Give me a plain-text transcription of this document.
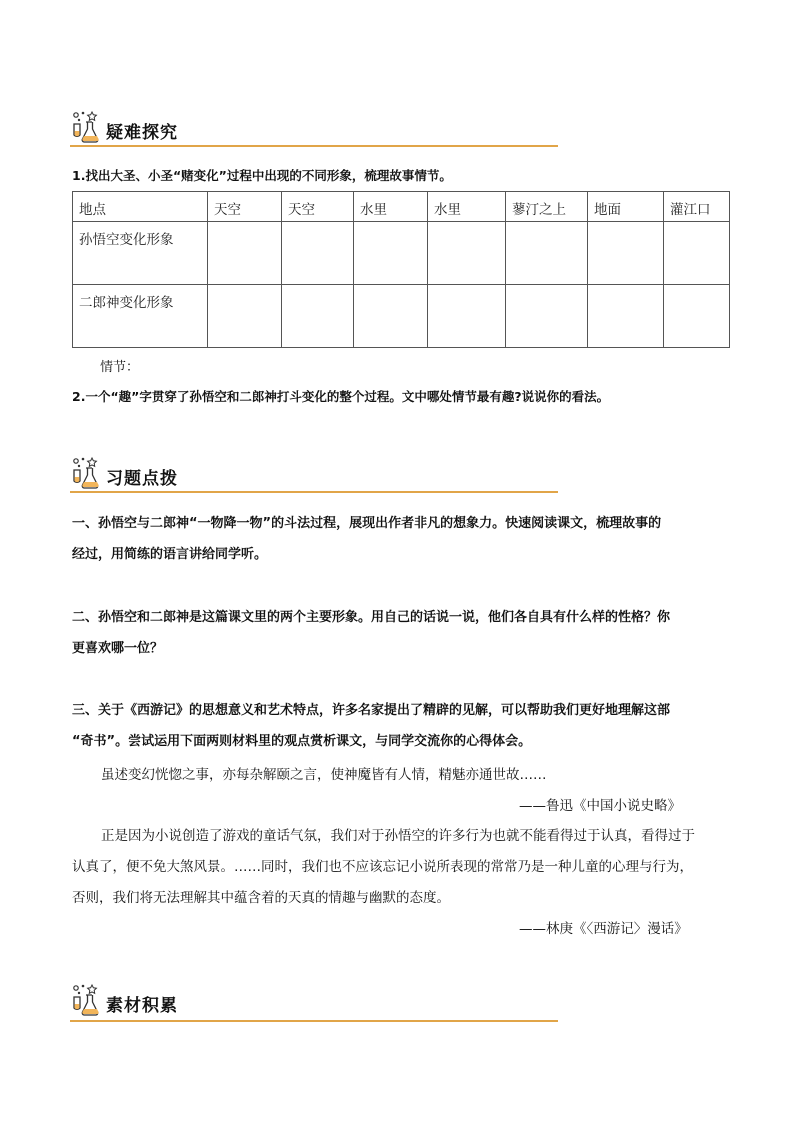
疑难探究
1.找出大圣、小圣“赌变化”过程中出现的不同形象，梳理故事情节。
地点	天空	天空	水里	水里	蓼汀之上	地面	灌江口
孙悟空变化形象							
二郎神变化形象							
情节：
2.一个“趣”字贯穿了孙悟空和二郎神打斗变化的整个过程。文中哪处情节最有趣?说说你的看法。
习题点拨
一、孙悟空与二郎神“一物降一物”的斗法过程，展现出作者非凡的想象力。快速阅读课文，梳理故事的
经过，用简练的语言讲给同学听。
二、孙悟空和二郎神是这篇课文里的两个主要形象。用自己的话说一说，他们各自具有什么样的性格？你
更喜欢哪一位？
三、关于《西游记》的思想意义和艺术特点，许多名家提出了精辟的见解，可以帮助我们更好地理解这部
“奇书”。尝试运用下面两则材料里的观点赏析课文，与同学交流你的心得体会。
虽述变幻恍惚之事，亦每杂解颐之言，使神魔皆有人情，精魅亦通世故……
——鲁迅《中国小说史略》
正是因为小说创造了游戏的童话气氛，我们对于孙悟空的许多行为也就不能看得过于认真，看得过于
认真了，便不免大煞风景。……同时，我们也不应该忘记小说所表现的常常乃是一种儿童的心理与行为，
否则，我们将无法理解其中蕴含着的天真的情趣与幽默的态度。
——林庚《〈西游记〉漫话》
素材积累
